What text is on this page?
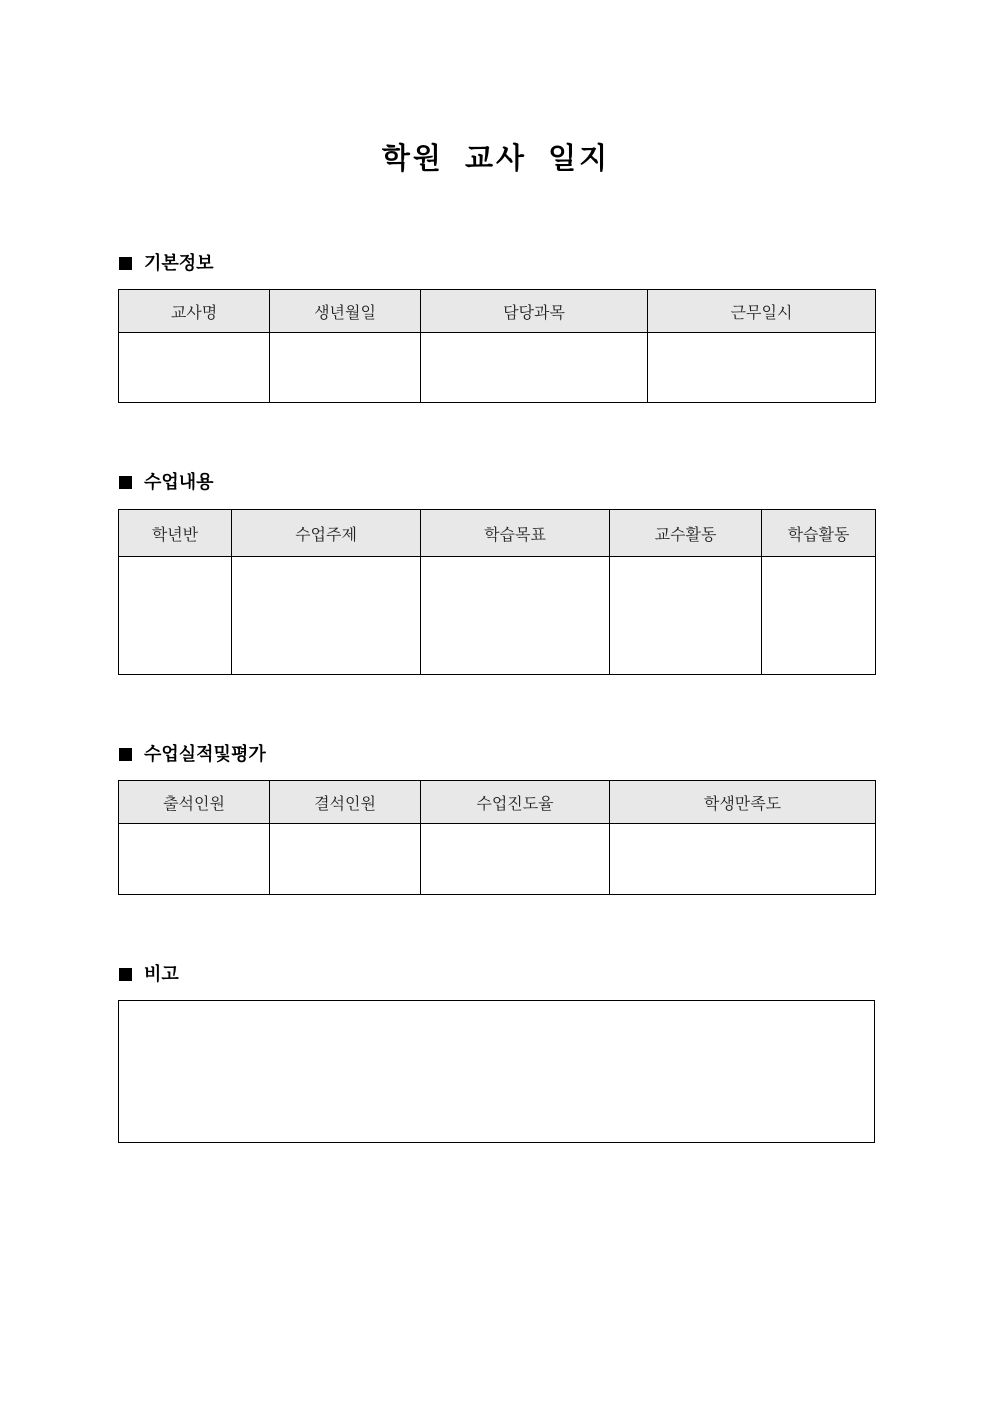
학원 교사 일지
기본정보
교사명	생년월일	담당과목	근무일시

수업내용
학년반	수업주제	학습목표	교수활동	학습활동

수업실적및평가
출석인원	결석인원	수업진도율	학생만족도

비고
